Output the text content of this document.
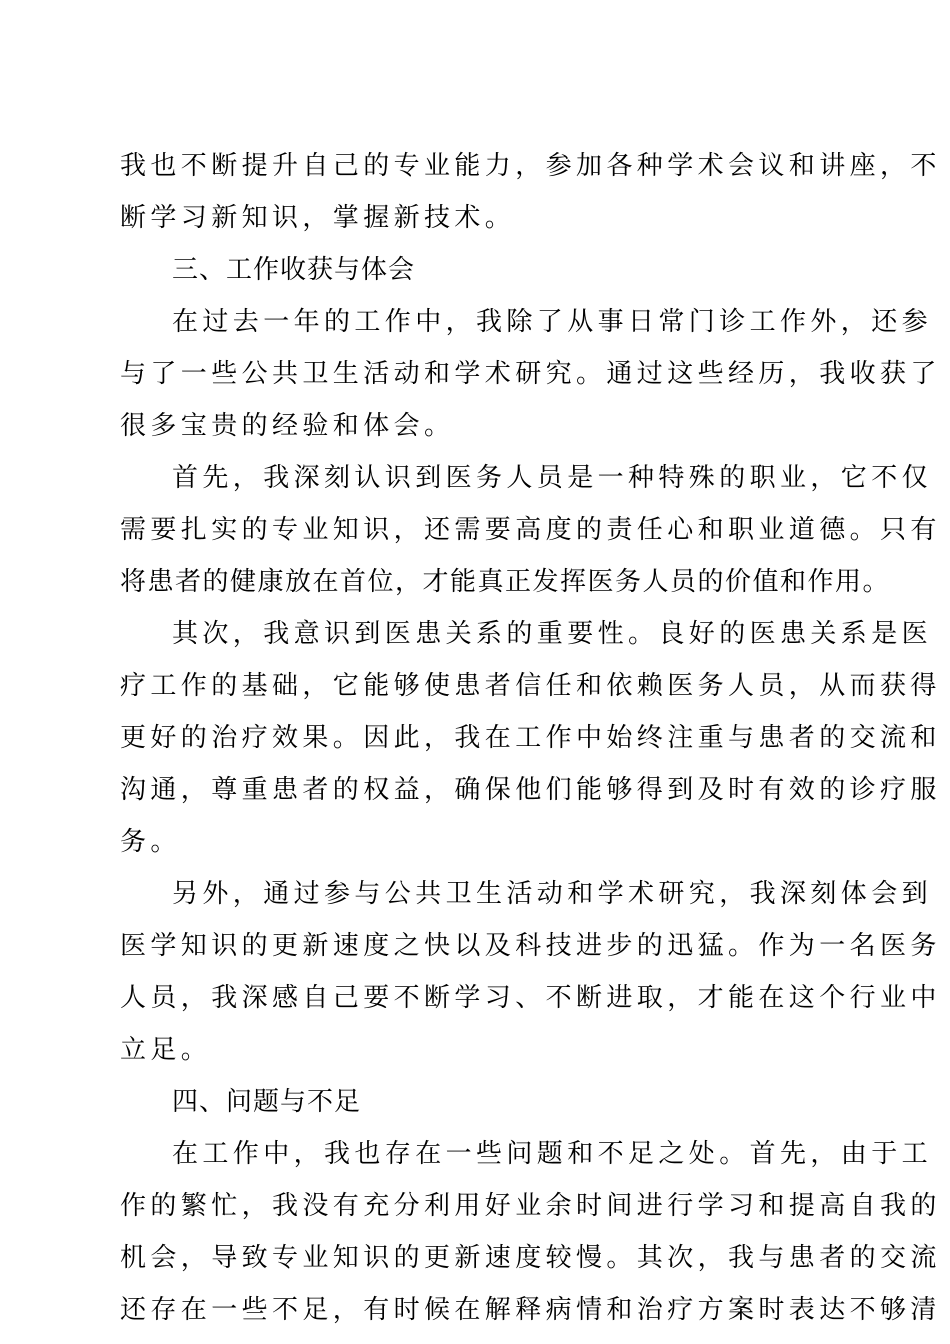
我也不断提升自己的专业能力，参加各种学术会议和讲座，不
断学习新知识，掌握新技术。
三、工作收获与体会
在过去一年的工作中，我除了从事日常门诊工作外，还参
与了一些公共卫生活动和学术研究。通过这些经历，我收获了
很多宝贵的经验和体会。
首先，我深刻认识到医务人员是一种特殊的职业，它不仅
需要扎实的专业知识，还需要高度的责任心和职业道德。只有
将患者的健康放在首位，才能真正发挥医务人员的价值和作用。
其次，我意识到医患关系的重要性。良好的医患关系是医
疗工作的基础，它能够使患者信任和依赖医务人员，从而获得
更好的治疗效果。因此，我在工作中始终注重与患者的交流和
沟通，尊重患者的权益，确保他们能够得到及时有效的诊疗服
务。
另外，通过参与公共卫生活动和学术研究，我深刻体会到
医学知识的更新速度之快以及科技进步的迅猛。作为一名医务
人员，我深感自己要不断学习、不断进取，才能在这个行业中
立足。
四、问题与不足
在工作中，我也存在一些问题和不足之处。首先，由于工
作的繁忙，我没有充分利用好业余时间进行学习和提高自我的
机会，导致专业知识的更新速度较慢。其次，我与患者的交流
还存在一些不足，有时候在解释病情和治疗方案时表达不够清
